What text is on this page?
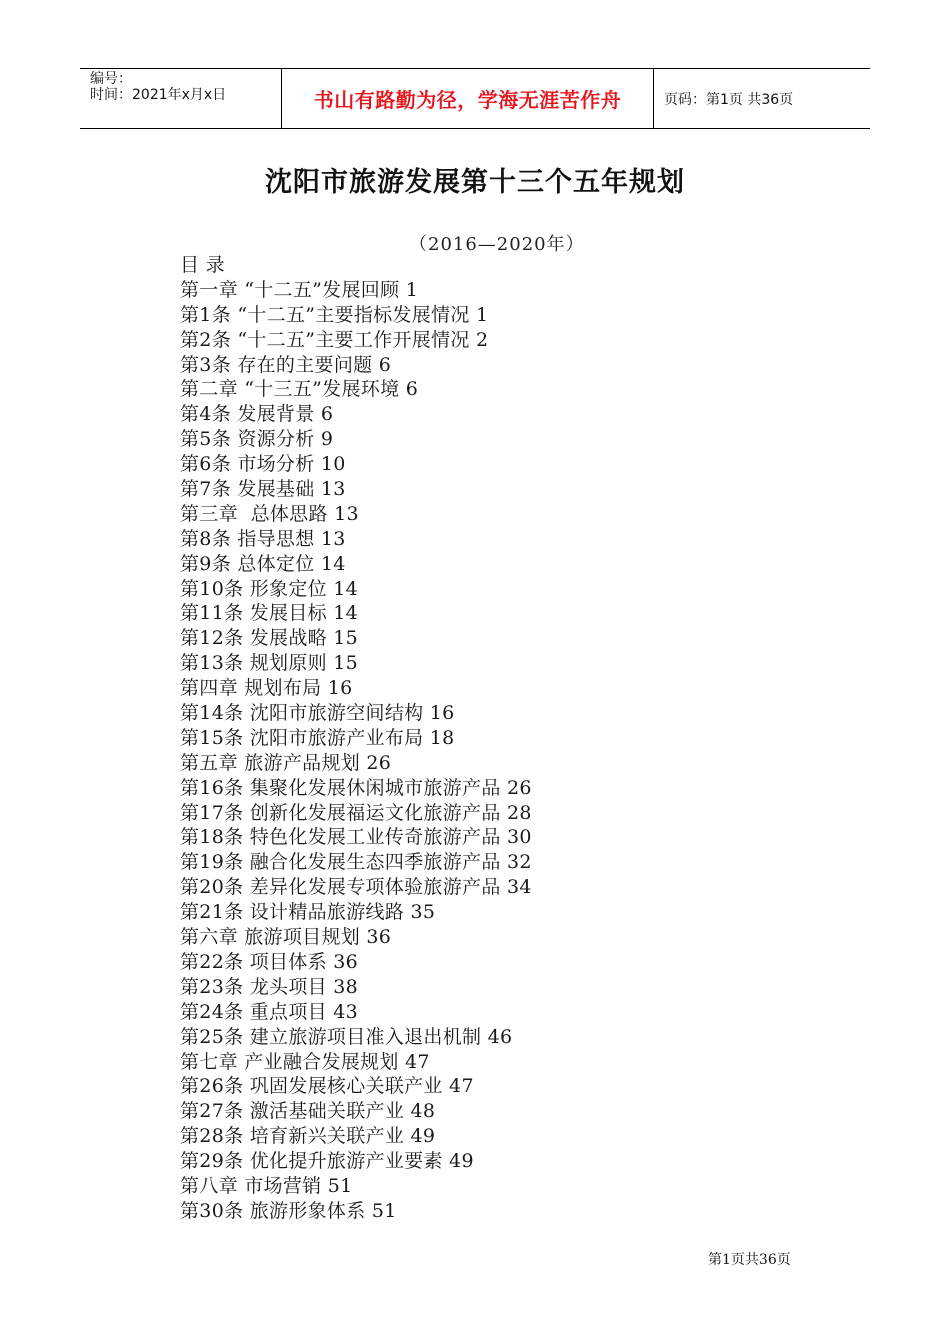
编号：
时间：2021年x月x日	书山有路勤为径，学海无涯苦作舟	页码：第1页 共36页
沈阳市旅游发展第十三个五年规划
（2016—2020年）
目 录
第一章 “十二五”发展回顾 1
第1条 “十二五”主要指标发展情况 1
第2条 “十二五”主要工作开展情况 2
第3条 存在的主要问题 6
第二章 “十三五”发展环境 6
第4条 发展背景 6
第5条 资源分析 9
第6条 市场分析 10
第7条 发展基础 13
第三章  总体思路 13
第8条 指导思想 13
第9条 总体定位 14
第10条 形象定位 14
第11条 发展目标 14
第12条 发展战略 15
第13条 规划原则 15
第四章 规划布局 16
第14条 沈阳市旅游空间结构 16
第15条 沈阳市旅游产业布局 18
第五章 旅游产品规划 26
第16条 集聚化发展休闲城市旅游产品 26
第17条 创新化发展福运文化旅游产品 28
第18条 特色化发展工业传奇旅游产品 30
第19条 融合化发展生态四季旅游产品 32
第20条 差异化发展专项体验旅游产品 34
第21条 设计精品旅游线路 35
第六章 旅游项目规划 36
第22条 项目体系 36
第23条 龙头项目 38
第24条 重点项目 43
第25条 建立旅游项目准入退出机制 46
第七章 产业融合发展规划 47
第26条 巩固发展核心关联产业 47
第27条 激活基础关联产业 48
第28条 培育新兴关联产业 49
第29条 优化提升旅游产业要素 49
第八章 市场营销 51
第30条 旅游形象体系 51
第1页共36页
